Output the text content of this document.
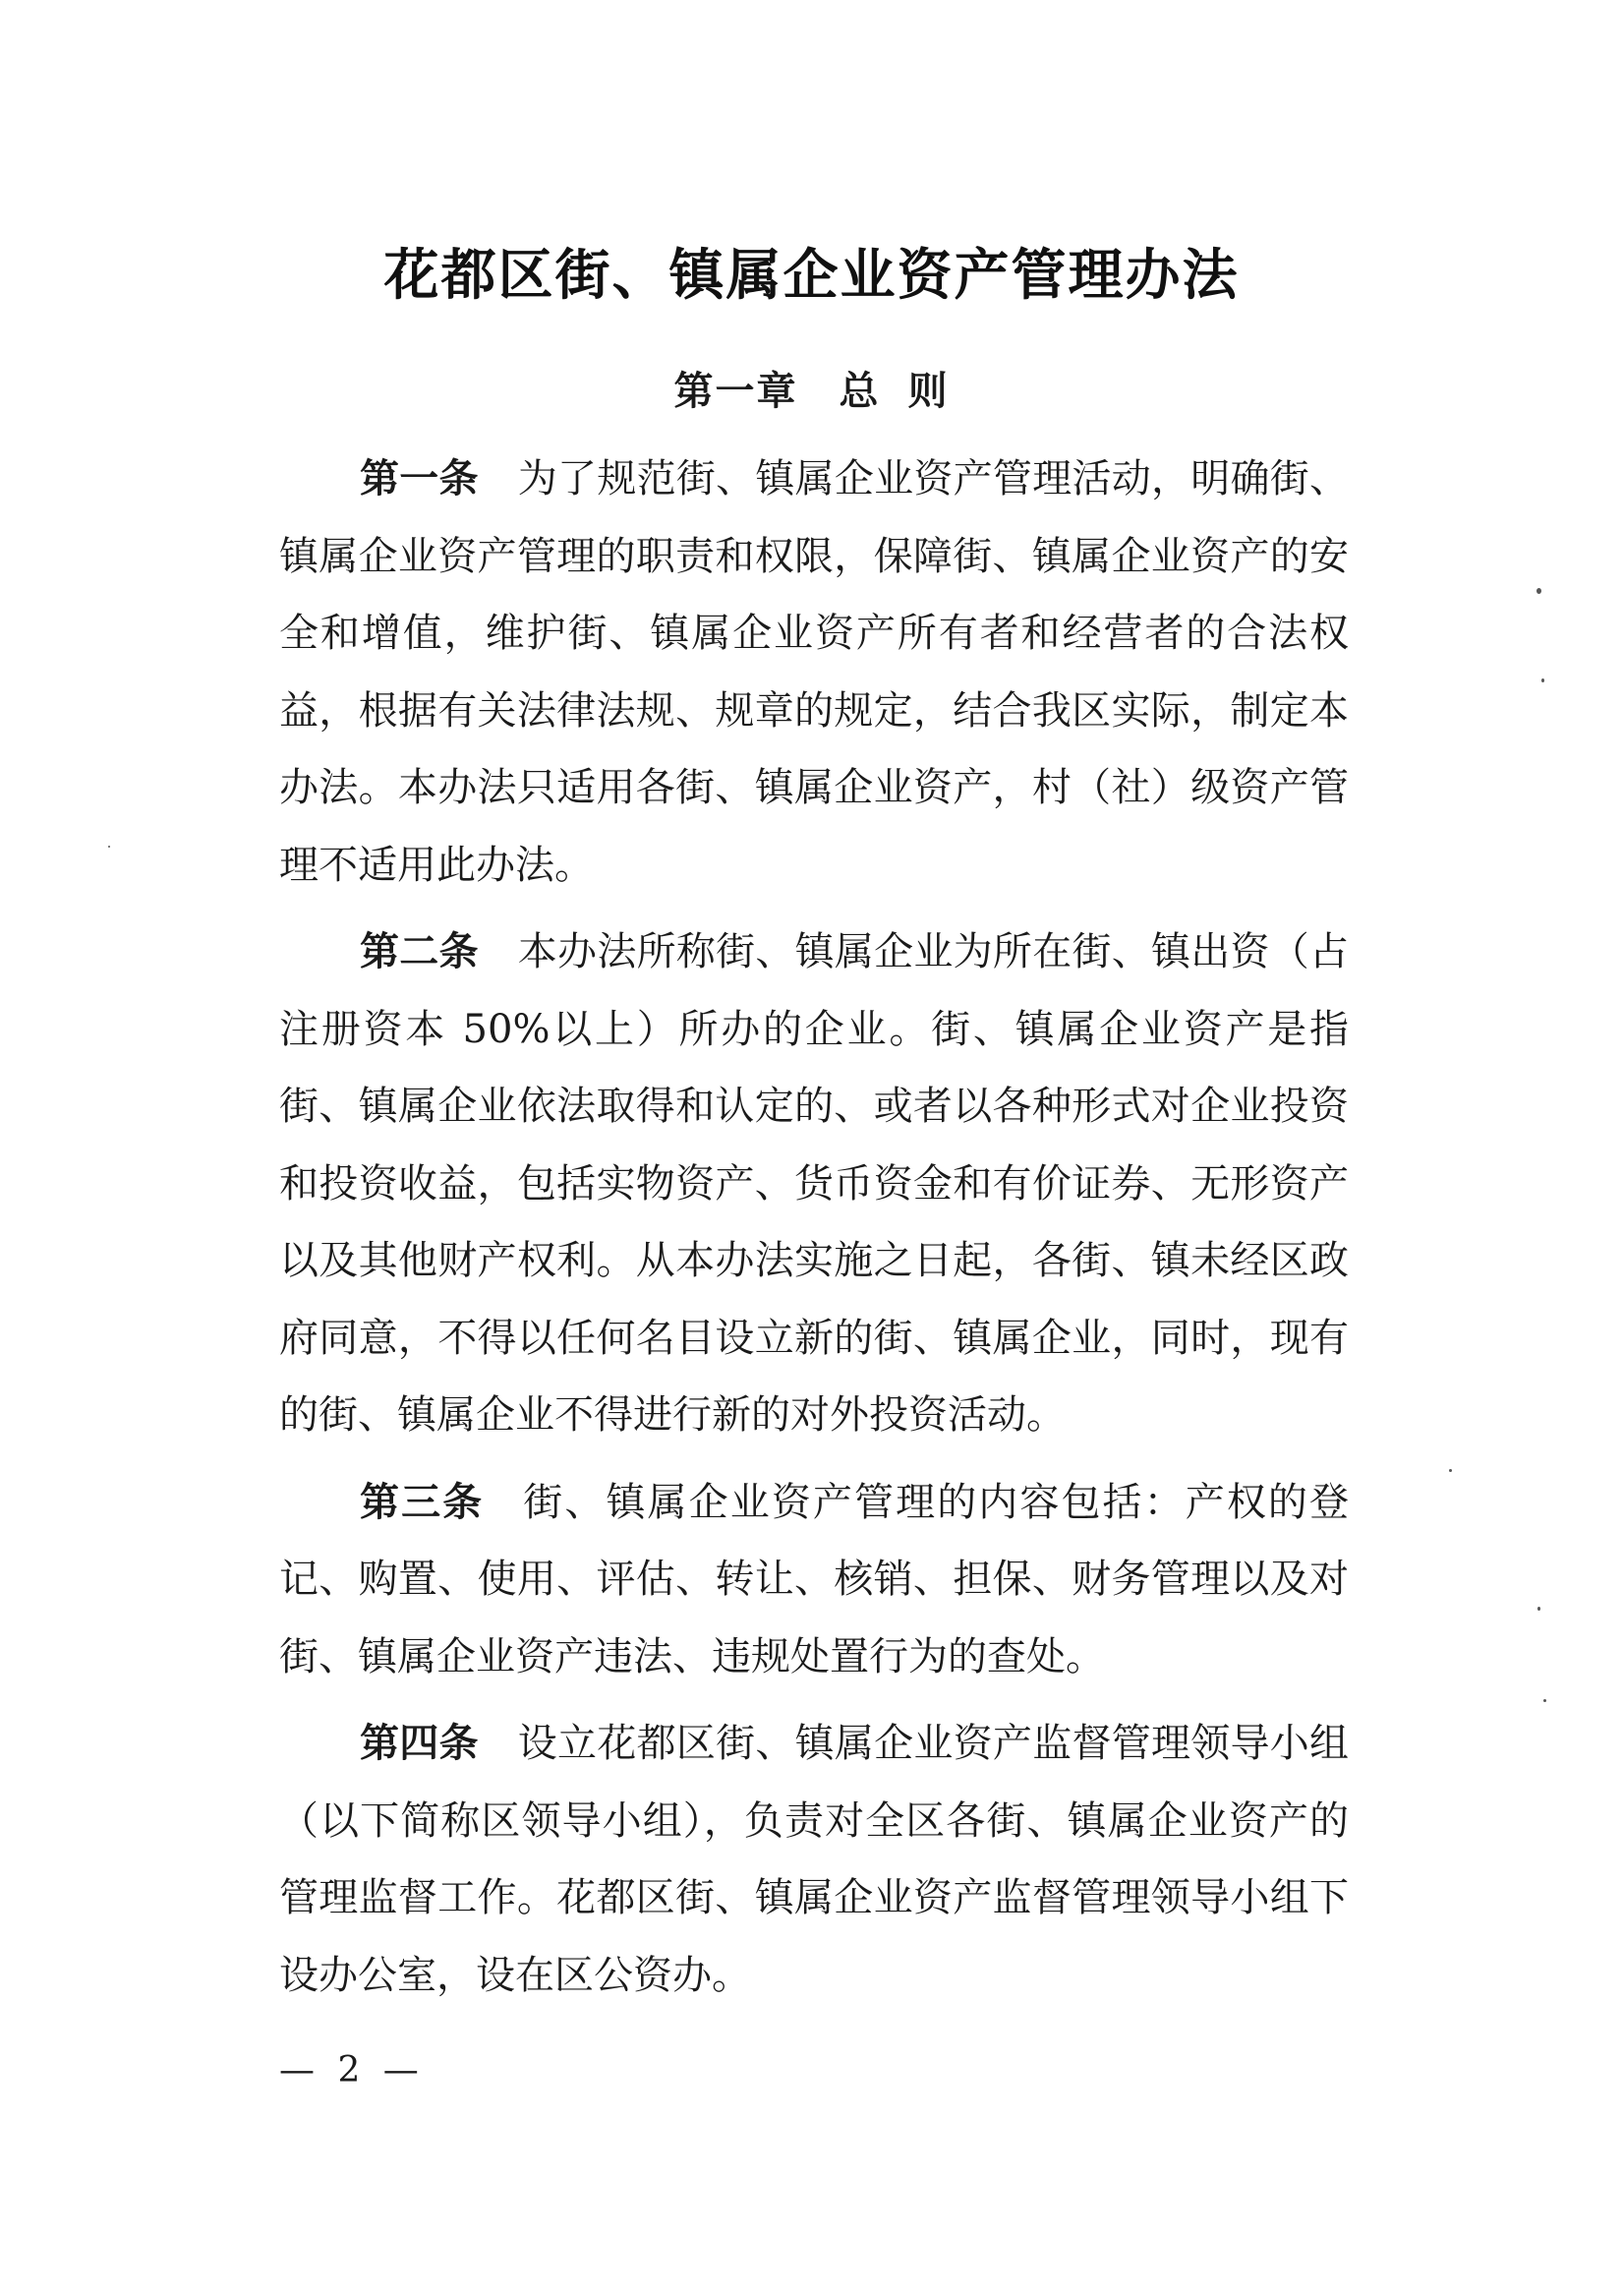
花都区街、镇属企业资产管理办法
第一章 总 则

第一条 为了规范街、镇属企业资产管理活动，明确街、镇属企业资产管理的职责和权限，保障街、镇属企业资产的安全和增值，维护街、镇属企业资产所有者和经营者的合法权益，根据有关法律法规、规章的规定，结合我区实际，制定本办法。本办法只适用各街、镇属企业资产，村（社）级资产管理不适用此办法。

第二条 本办法所称街、镇属企业为所在街、镇出资（占注册资本 50%以上）所办的企业。街、镇属企业资产是指街、镇属企业依法取得和认定的、或者以各种形式对企业投资和投资收益，包括实物资产、货币资金和有价证券、无形资产以及其他财产权利。从本办法实施之日起，各街、镇未经区政府同意，不得以任何名目设立新的街、镇属企业，同时，现有的街、镇属企业不得进行新的对外投资活动。

第三条 街、镇属企业资产管理的内容包括：产权的登记、购置、使用、评估、转让、核销、担保、财务管理以及对街、镇属企业资产违法、违规处置行为的查处。

第四条 设立花都区街、镇属企业资产监督管理领导小组（以下简称区领导小组），负责对全区各街、镇属企业资产的管理监督工作。花都区街、镇属企业资产监督管理领导小组下设办公室，设在区公资办。

— 2 —
